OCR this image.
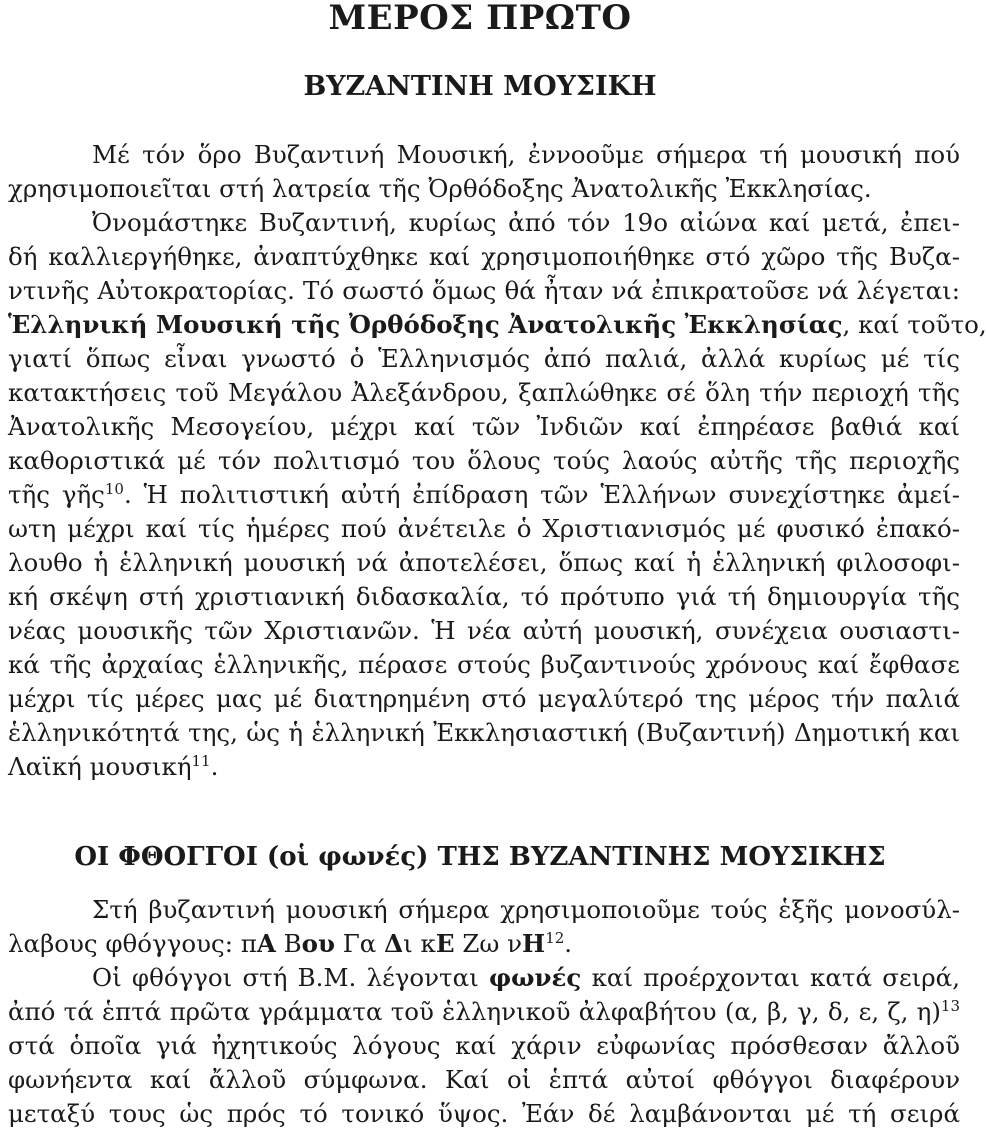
ΜΕΡΟΣ ΠΡΩΤΟ
ΒΥΖΑΝΤΙΝΗ ΜΟΥΣΙΚΗ
Μέ τόν ὅρο Βυζαντινή Μουσική, ἐννοοῦμε σήμερα τή μουσική πού
χρησιμοποιεῖται στή λατρεία τῆς Ὀρθόδοξης Ἀνατολικῆς Ἐκκλησίας.
Ὀνομάστηκε Βυζαντινή, κυρίως ἀπό τόν 19ο αἰώνα καί μετά, ἐπει-
δή καλλιεργήθηκε, ἀναπτύχθηκε καί χρησιμοποιήθηκε στό χῶρο τῆς Βυζα-
ντινῆς Αὐτοκρατορίας. Τό σωστό ὅμως θά ἦταν νά ἐπικρατοῦσε νά λέγεται:
Ἑλληνική Μουσική τῆς Ὀρθόδοξης Ἀνατολικῆς Ἐκκλησίας, καί τοῦτο,
γιατί ὅπως εἶναι γνωστό ὁ Ἑλληνισμός ἀπό παλιά, ἀλλά κυρίως μέ τίς
κατακτήσεις τοῦ Μεγάλου Ἀλεξάνδρου, ξαπλώθηκε σέ ὅλη τήν περιοχή τῆς
Ἀνατολικῆς Μεσογείου, μέχρι καί τῶν Ἰνδιῶν καί ἐπηρέασε βαθιά καί
καθοριστικά μέ τόν πολιτισμό του ὅλους τούς λαούς αὐτῆς τῆς περιοχῆς
τῆς γῆς$^{10}$. Ἡ πολιτιστική αὐτή ἐπίδραση τῶν Ἑλλήνων συνεχίστηκε ἀμεί-
ωτη μέχρι καί τίς ἡμέρες πού ἀνέτειλε ὁ Χριστιανισμός μέ φυσικό ἐπακό-
λουθο ἡ ἑλληνική μουσική νά ἀποτελέσει, ὅπως καί ἡ ἑλληνική φιλοσοφι-
κή σκέψη στή χριστιανική διδασκαλία, τό πρότυπο γιά τή δημιουργία τῆς
νέας μουσικῆς τῶν Χριστιανῶν. Ἡ νέα αὐτή μουσική, συνέχεια ουσιαστι-
κά τῆς ἀρχαίας ἑλληνικῆς, πέρασε στούς βυζαντινούς χρόνους καί ἔφθασε
μέχρι τίς μέρες μας μέ διατηρημένη στό μεγαλύτερό της μέρος τήν παλιά
ἑλληνικότητά της, ὡς ἡ ἑλληνική Ἐκκλησιαστική (Βυζαντινή) Δημοτική και
Λαϊκή μουσική$^{11}$.
ΟΙ ΦΘΟΓΓΟΙ (οἱ φωνές) ΤΗΣ ΒΥΖΑΝΤΙΝΗΣ ΜΟΥΣΙΚΗΣ
Στή βυζαντινή μουσική σήμερα χρησιμοποιοῦμε τούς ἑξῆς μονοσύλ-
λαβους φθόγγους: πΑ Βου Γα Δι κΕ Ζω $\nu H^{12}$.
Οἱ φθόγγοι στή Β.Μ. λέγονται φωνές καί προέρχονται κατά σειρά,
ἀπό τά ἑπτά πρῶτα γράμματα τοῦ ἑλληνικοῦ ἀλφαβήτου (α, β, γ, δ, ε, ζ, η)$^{13}$
στά ὁποῖα γιά ἠχητικούς λόγους καί χάριν εὐφωνίας πρόσθεσαν ἄλλοῦ
φωνήεντα καί ἄλλοῦ σύμφωνα. Καί οἱ ἑπτά αὐτοί φθόγγοι διαφέρουν
μεταξύ τους ὡς πρός τό τονικό ὕψος. Ἐάν δέ λαμβάνονται μέ τή σειρά
